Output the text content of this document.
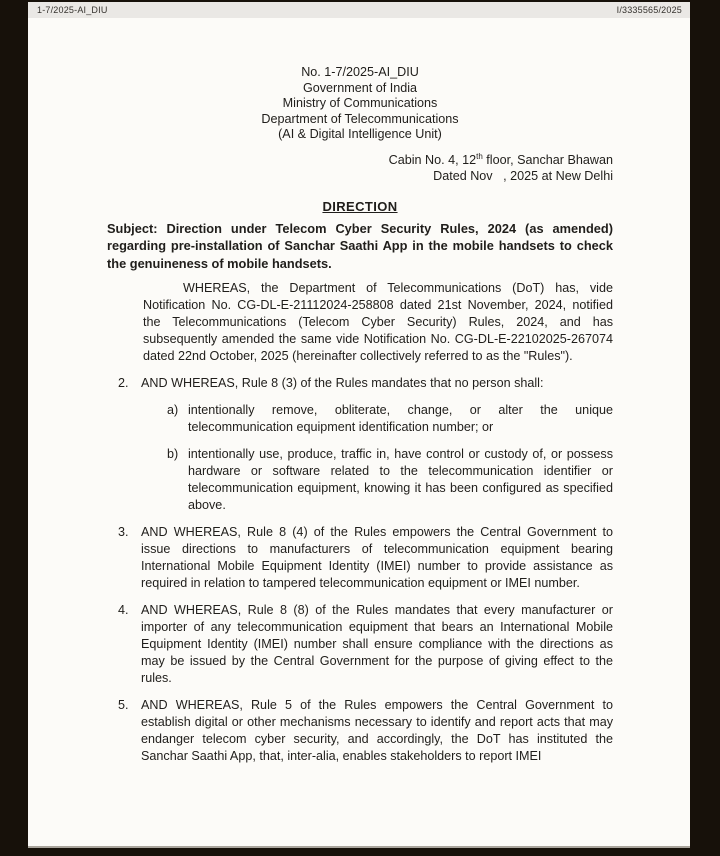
1-7/2025-AI_DIU	I/3335565/2025
No. 1-7/2025-AI_DIU
Government of India
Ministry of Communications
Department of Telecommunications
(AI & Digital Intelligence Unit)
Cabin No. 4, 12th floor, Sanchar Bhawan
Dated Nov   , 2025 at New Delhi
DIRECTION
Subject: Direction under Telecom Cyber Security Rules, 2024 (as amended) regarding pre-installation of Sanchar Saathi App in the mobile handsets to check the genuineness of mobile handsets.
WHEREAS, the Department of Telecommunications (DoT) has, vide Notification No. CG-DL-E-21112024-258808 dated 21st November, 2024, notified the Telecommunications (Telecom Cyber Security) Rules, 2024, and has subsequently amended the same vide Notification No. CG-DL-E-22102025-267074 dated 22nd October, 2025 (hereinafter collectively referred to as the "Rules").
2. AND WHEREAS, Rule 8 (3) of the Rules mandates that no person shall:
a) intentionally remove, obliterate, change, or alter the unique telecommunication equipment identification number; or
b) intentionally use, produce, traffic in, have control or custody of, or possess hardware or software related to the telecommunication identifier or telecommunication equipment, knowing it has been configured as specified above.
3. AND WHEREAS, Rule 8 (4) of the Rules empowers the Central Government to issue directions to manufacturers of telecommunication equipment bearing International Mobile Equipment Identity (IMEI) number to provide assistance as required in relation to tampered telecommunication equipment or IMEI number.
4. AND WHEREAS, Rule 8 (8) of the Rules mandates that every manufacturer or importer of any telecommunication equipment that bears an International Mobile Equipment Identity (IMEI) number shall ensure compliance with the directions as may be issued by the Central Government for the purpose of giving effect to the rules.
5. AND WHEREAS, Rule 5 of the Rules empowers the Central Government to establish digital or other mechanisms necessary to identify and report acts that may endanger telecom cyber security, and accordingly, the DoT has instituted the Sanchar Saathi App, that, inter-alia, enables stakeholders to report IMEI
